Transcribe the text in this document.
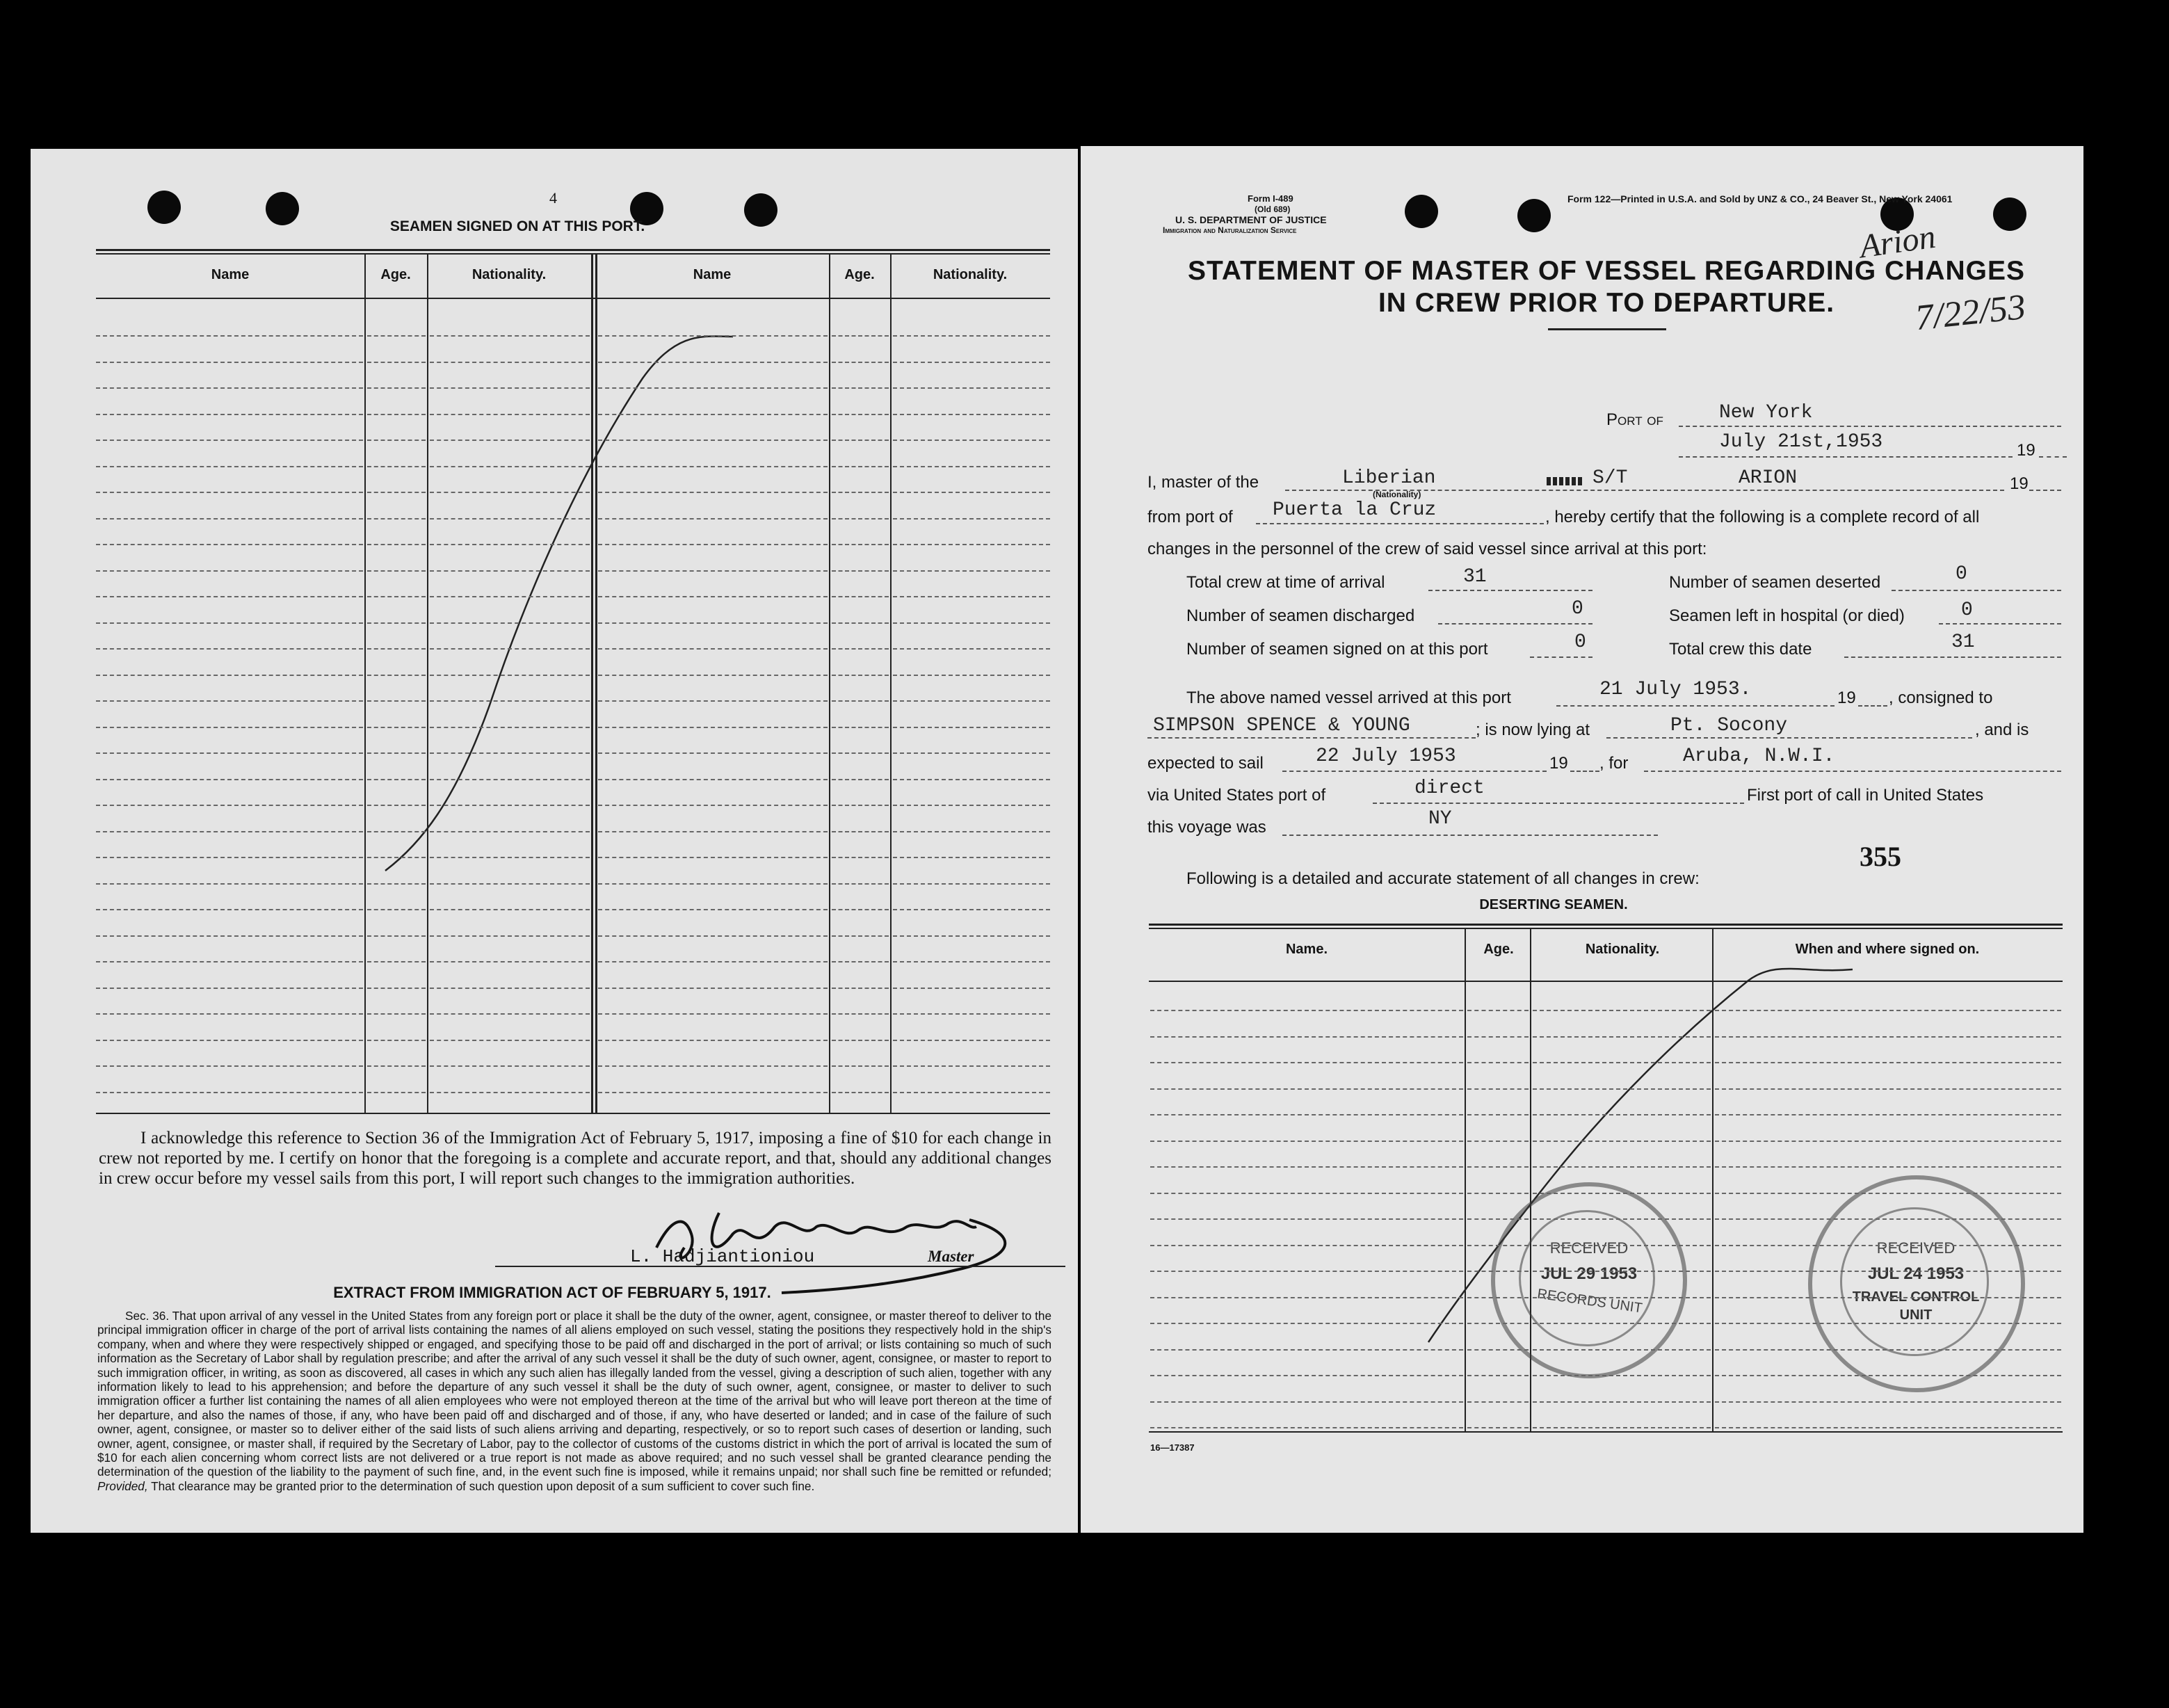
4
SEAMEN SIGNED ON AT THIS PORT.
Name	Age.	Nationality.	Name	Age.	Nationality.
I acknowledge this reference to Section 36 of the Immigration Act of February 5, 1917, imposing a fine of $10 for each change in crew not reported by me. I certify on honor that the foregoing is a complete and accurate report, and that, should any additional changes in crew occur before my vessel sails from this port, I will report such changes to the immigration authorities.
L. Hadjiantioniou	Master
EXTRACT FROM IMMIGRATION ACT OF FEBRUARY 5, 1917.
Sec. 36. That upon arrival of any vessel in the United States from any foreign port or place it shall be the duty of the owner, agent, consignee, or master thereof to deliver to the principal immigration officer in charge of the port of arrival lists containing the names of all aliens employed on such vessel, stating the positions they respectively hold in the ship's company, when and where they were respectively shipped or engaged, and specifying those to be paid off and discharged in the port of arrival; or lists containing so much of such information as the Secretary of Labor shall by regulation prescribe; and after the arrival of any such vessel it shall be the duty of such owner, agent, consignee, or master to report to such immigration officer, in writing, as soon as discovered, all cases in which any such alien has illegally landed from the vessel, giving a description of such alien, together with any information likely to lead to his apprehension; and before the departure of any such vessel it shall be the duty of such owner, agent, consignee, or master to deliver to such immigration officer a further list containing the names of all alien employees who were not employed thereon at the time of the arrival but who will leave port thereon at the time of her departure, and also the names of those, if any, who have been paid off and discharged and of those, if any, who have deserted or landed; and in case of the failure of such owner, agent, consignee, or master so to deliver either of the said lists of such aliens arriving and departing, respectively, or so to report such cases of desertion or landing, such owner, agent, consignee, or master shall, if required by the Secretary of Labor, pay to the collector of customs of the customs district in which the port of arrival is located the sum of $10 for each alien concerning whom correct lists are not delivered or a true report is not made as above required; and no such vessel shall be granted clearance pending the determination of the question of the liability to the payment of such fine, and, in the event such fine is imposed, while it remains unpaid; nor shall such fine be remitted or refunded; Provided, That clearance may be granted prior to the determination of such question upon deposit of a sum sufficient to cover such fine.
Form I-489
(Old 689)
U. S. DEPARTMENT OF JUSTICE
Immigration and Naturalization Service
Form 122—Printed in U.S.A. and Sold by UNZ & CO., 24 Beaver St., New York 24061
STATEMENT OF MASTER OF VESSEL REGARDING CHANGES
IN CREW PRIOR TO DEPARTURE.
Arion
7/22/53
Port of	New York
July 21st,1953	19
I, master of the	Liberian
(Nationality)
S/T	ARION	19
from port of Puerta la Cruz	, hereby certify that the following is a complete record of all
changes in the personnel of the crew of said vessel since arrival at this port:
Total crew at time of arrival	31	Number of seamen deserted	0
Number of seamen discharged	0	Seamen left in hospital (or died)	0
Number of seamen signed on at this port	0	Total crew this date	31
The above named vessel arrived at this port	21 July 1953.	19 , consigned to
SIMPSON SPENCE & YOUNG	; is now lying at	Pt. Socony	, and is
expected to sail	22 July 1953	19 , for	Aruba, N.W.I.
via United States port of	direct	First port of call in United States
this voyage was	NY
355
Following is a detailed and accurate statement of all changes in crew:
DESERTING SEAMEN.
Name.	Age.	Nationality.	When and where signed on.
RECEIVED
JUL 29 1953
RECORDS UNIT
RECEIVED
JUL 24 1953
TRAVEL CONTROL
UNIT
16—17387
